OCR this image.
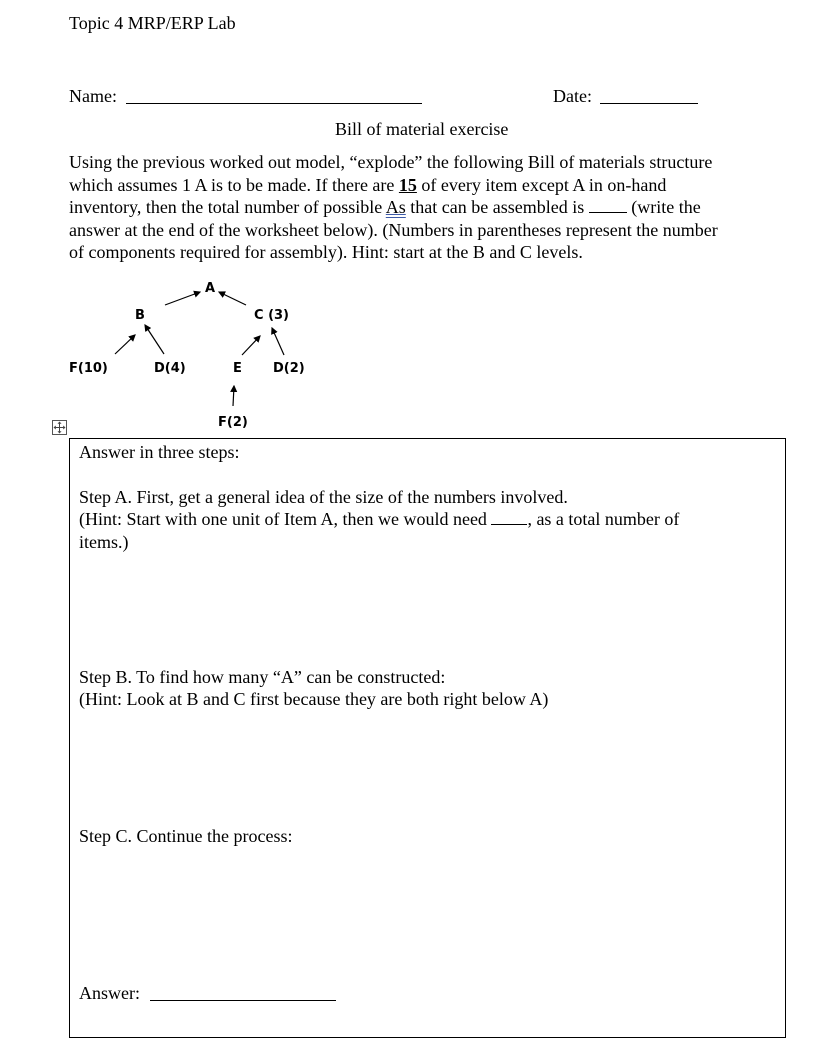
Topic 4 MRP/ERP Lab
Name:	Date:
Bill of material exercise
Using the previous worked out model, “explode” the following Bill of materials structure
which assumes 1 A is to be made. If there are 15 of every item except A in on-hand
inventory, then the total number of possible As that can be assembled is  (write the
answer at the end of the worksheet below). (Numbers in parentheses represent the number
of components required for assembly). Hint: start at the B and C levels.
A
B	C (3)
F(10)	D(4)	E D(2)
F(2)
Answer in three steps:
Step A. First, get a general idea of the size of the numbers involved.
(Hint: Start with one unit of Item A, then we would need , as a total number of
items.)
Step B. To find how many “A” can be constructed:
(Hint: Look at B and C first because they are both right below A)
Step C. Continue the process:
Answer:
